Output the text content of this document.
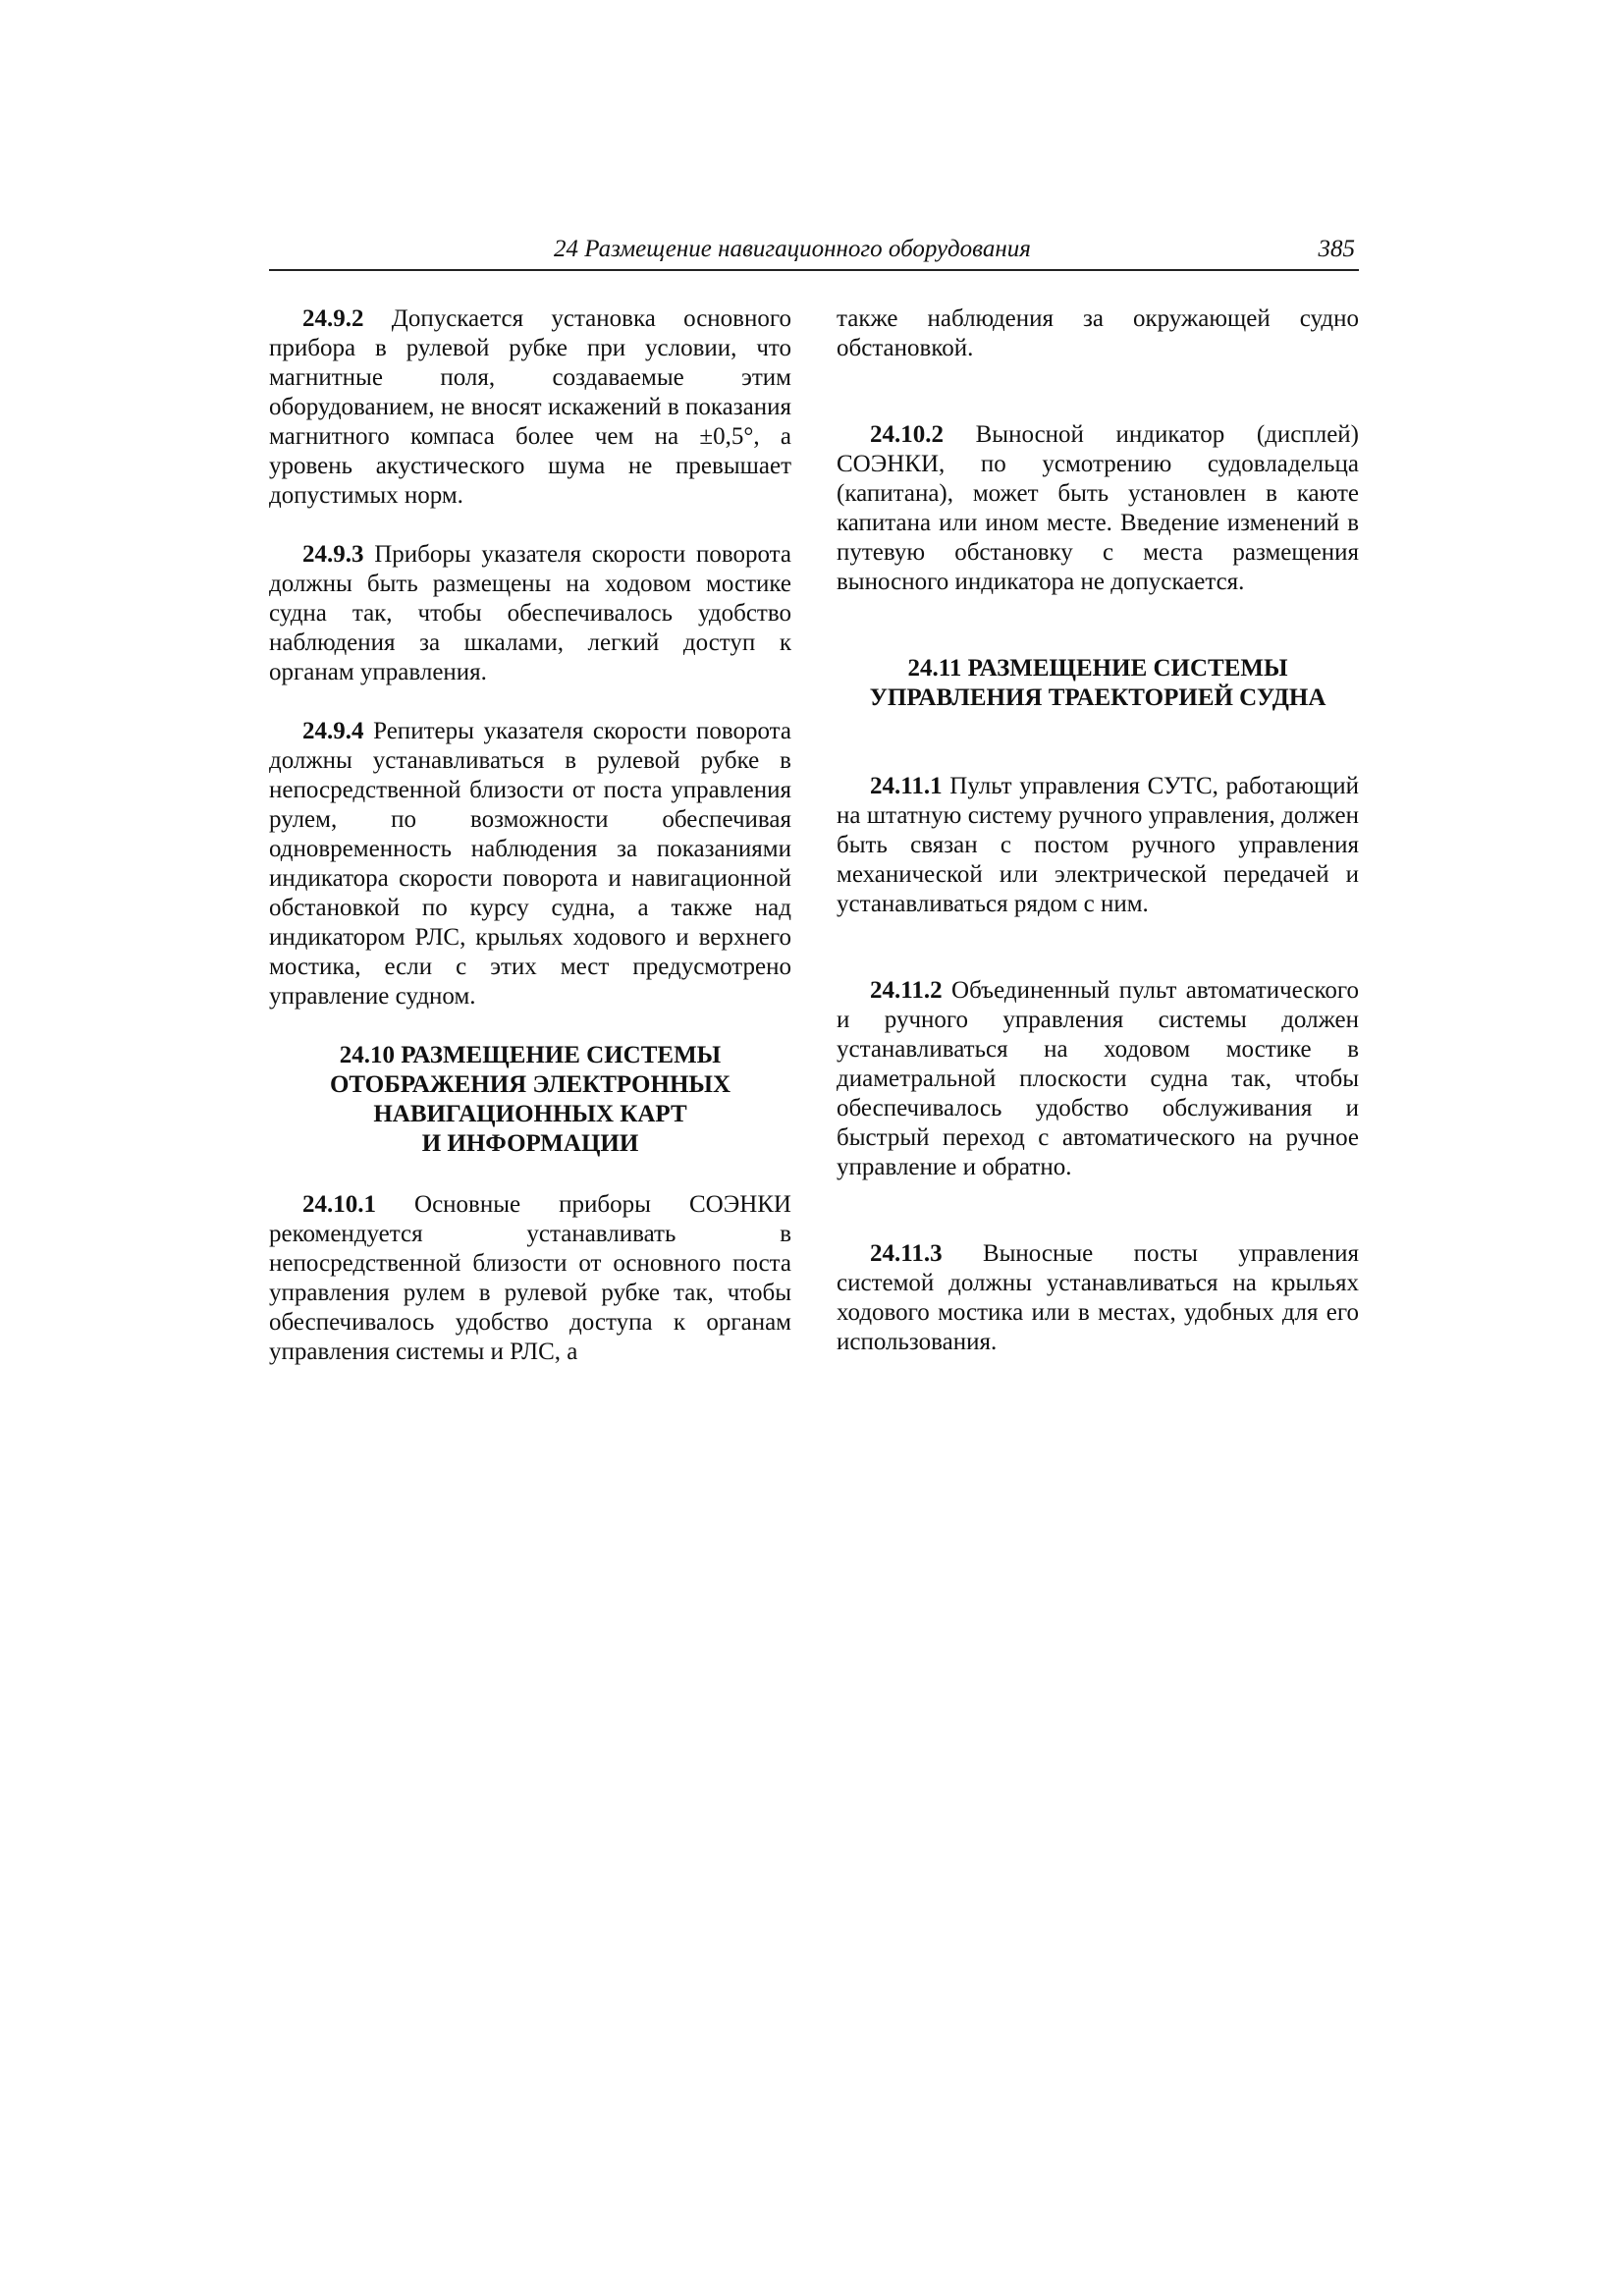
24 Размещение навигационного оборудования	385

24.9.2 Допускается установка основного прибора в рулевой рубке при условии, что магнитные поля, создаваемые этим оборудованием, не вносят искажений в показания магнитного компаса более чем на ±0,5°, а уровень акустического шума не превышает допустимых норм.

24.9.3 Приборы указателя скорости поворота должны быть размещены на ходовом мостике судна так, чтобы обеспечивалось удобство наблюдения за шкалами, легкий доступ к органам управления.

24.9.4 Репитеры указателя скорости поворота должны устанавливаться в рулевой рубке в непосредственной близости от поста управления рулем, по возможности обеспечивая одновременность наблюдения за показаниями индикатора скорости поворота и навигационной обстановкой по курсу судна, а также над индикатором РЛС, крыльях ходового и верхнего мостика, если с этих мест предусмотрено управление судном.

24.10 РАЗМЕЩЕНИЕ СИСТЕМЫ
ОТОБРАЖЕНИЯ ЭЛЕКТРОННЫХ
НАВИГАЦИОННЫХ КАРТ
И ИНФОРМАЦИИ

24.10.1 Основные приборы СОЭНКИ рекомендуется устанавливать в непосредственной близости от основного поста управления рулем в рулевой рубке так, чтобы обеспечивалось удобство доступа к органам управления системы и РЛС, а

также наблюдения за окружающей судно обстановкой.

24.10.2 Выносной индикатор (дисплей) СОЭНКИ, по усмотрению судовладельца (капитана), может быть установлен в каюте капитана или ином месте. Введение изменений в путевую обстановку с места размещения выносного индикатора не допускается.

24.11 РАЗМЕЩЕНИЕ СИСТЕМЫ
УПРАВЛЕНИЯ ТРАЕКТОРИЕЙ СУДНА

24.11.1 Пульт управления СУТС, работающий на штатную систему ручного управления, должен быть связан с постом ручного управления механической или электрической передачей и устанавливаться рядом с ним.

24.11.2 Объединенный пульт автоматического и ручного управления системы должен устанавливаться на ходовом мостике в диаметральной плоскости судна так, чтобы обеспечивалось удобство обслуживания и быстрый переход с автоматического на ручное управление и обратно.

24.11.3 Выносные посты управления системой должны устанавливаться на крыльях ходового мостика или в местах, удобных для его использования.
